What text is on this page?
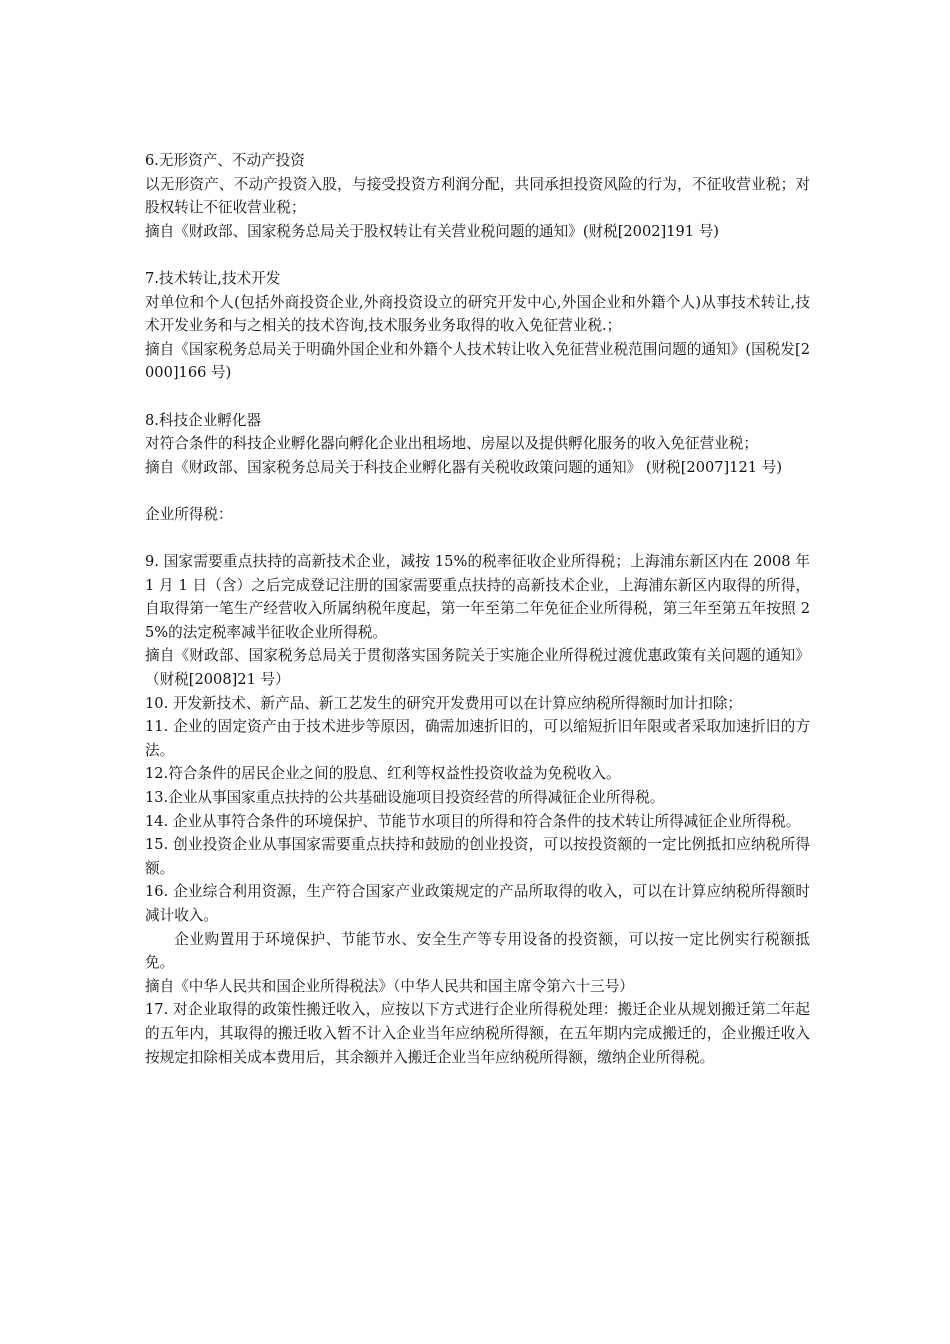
6.无形资产、不动产投资

以无形资产、不动产投资入股，与接受投资方利润分配，共同承担投资风险的行为，不征收营业税；对股权转让不征收营业税；

摘自《财政部、国家税务总局关于股权转让有关营业税问题的通知》(财税[2002]191 号)

7.技术转让,技术开发

对单位和个人(包括外商投资企业,外商投资设立的研究开发中心,外国企业和外籍个人)从事技术转让,技术开发业务和与之相关的技术咨询,技术服务业务取得的收入免征营业税.；

摘自《国家税务总局关于明确外国企业和外籍个人技术转让收入免征营业税范围问题的通知》(国税发[2000]166 号)

8.科技企业孵化器

对符合条件的科技企业孵化器向孵化企业出租场地、房屋以及提供孵化服务的收入免征营业税；

摘自《财政部、国家税务总局关于科技企业孵化器有关税收政策问题的通知》 (财税[2007]121 号)

企业所得税：

9. 国家需要重点扶持的高新技术企业，减按 15%的税率征收企业所得税；上海浦东新区内在 2008 年 1 月 1 日（含）之后完成登记注册的国家需要重点扶持的高新技术企业，上海浦东新区内取得的所得，自取得第一笔生产经营收入所属纳税年度起，第一年至第二年免征企业所得税，第三年至第五年按照 25%的法定税率减半征收企业所得税。

摘自《财政部、国家税务总局关于贯彻落实国务院关于实施企业所得税过渡优惠政策有关问题的通知》（财税[2008]21 号）

10. 开发新技术、新产品、新工艺发生的研究开发费用可以在计算应纳税所得额时加计扣除；

11. 企业的固定资产由于技术进步等原因，确需加速折旧的，可以缩短折旧年限或者采取加速折旧的方法。

12.符合条件的居民企业之间的股息、红利等权益性投资收益为免税收入。

13.企业从事国家重点扶持的公共基础设施项目投资经营的所得减征企业所得税。

14. 企业从事符合条件的环境保护、节能节水项目的所得和符合条件的技术转让所得减征企业所得税。

15. 创业投资企业从事国家需要重点扶持和鼓励的创业投资，可以按投资额的一定比例抵扣应纳税所得额。

16. 企业综合利用资源，生产符合国家产业政策规定的产品所取得的收入，可以在计算应纳税所得额时减计收入。

企业购置用于环境保护、节能节水、安全生产等专用设备的投资额，可以按一定比例实行税额抵免。

摘自《中华人民共和国企业所得税法》（中华人民共和国主席令第六十三号）

17. 对企业取得的政策性搬迁收入，应按以下方式进行企业所得税处理：搬迁企业从规划搬迁第二年起的五年内，其取得的搬迁收入暂不计入企业当年应纳税所得额，在五年期内完成搬迁的，企业搬迁收入按规定扣除相关成本费用后，其余额并入搬迁企业当年应纳税所得额，缴纳企业所得税。
